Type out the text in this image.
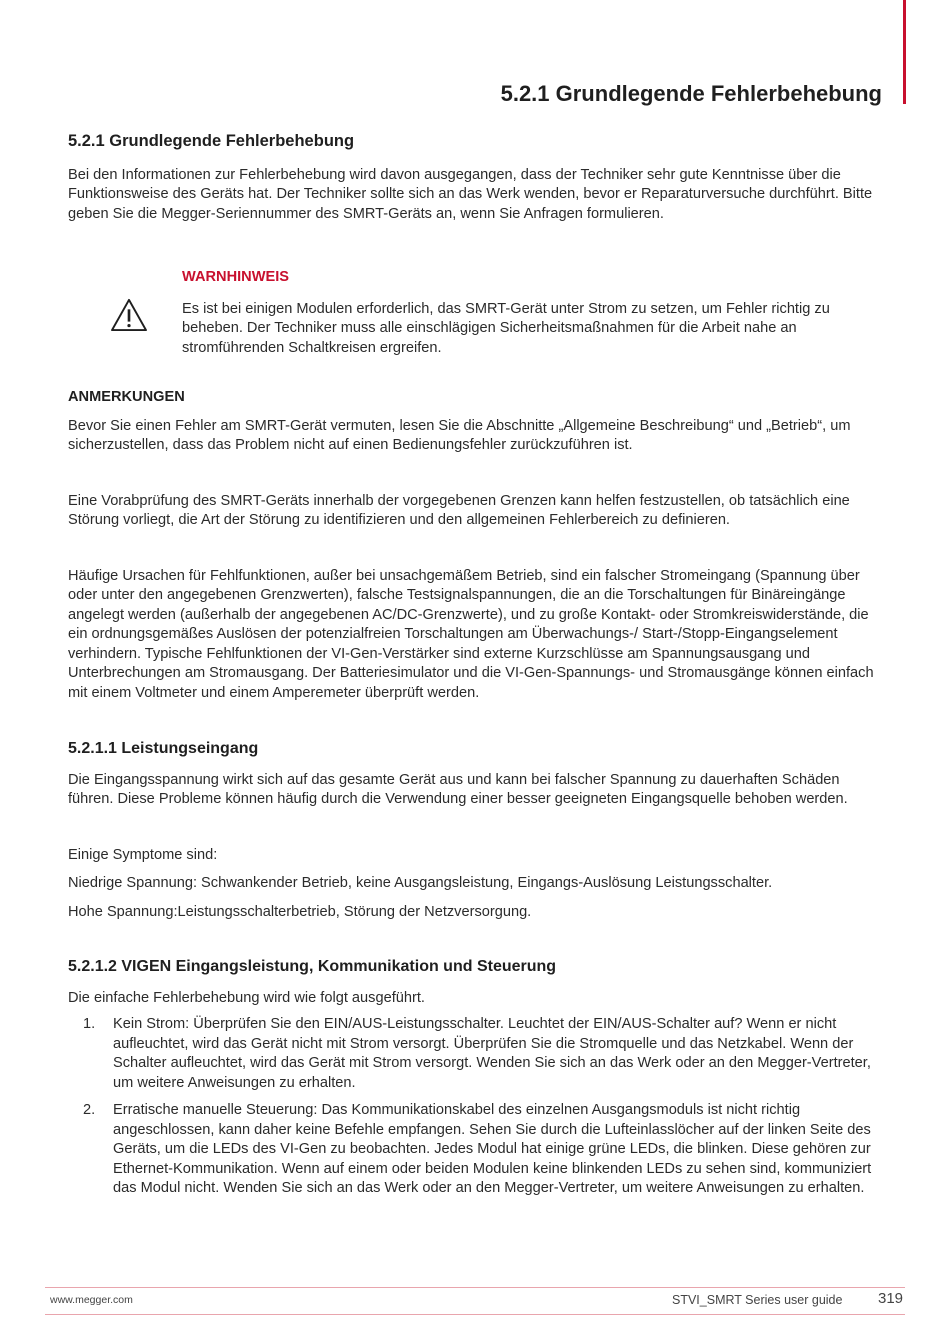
5.2.1 Grundlegende Fehlerbehebung
5.2.1 Grundlegende Fehlerbehebung

Bei den Informationen zur Fehlerbehebung wird davon ausgegangen, dass der Techniker sehr gute Kenntnisse über die Funktionsweise des Geräts hat. Der Techniker sollte sich an das Werk wenden, bevor er Reparaturversuche durchführt. Bitte geben Sie die Megger-Seriennummer des SMRT-Geräts an, wenn Sie Anfragen formulieren.

WARNHINWEIS

Es ist bei einigen Modulen erforderlich, das SMRT-Gerät unter Strom zu setzen, um Fehler richtig zu beheben. Der Techniker muss alle einschlägigen Sicherheitsmaßnahmen für die Arbeit nahe an stromführenden Schaltkreisen ergreifen.

ANMERKUNGEN

Bevor Sie einen Fehler am SMRT-Gerät vermuten, lesen Sie die Abschnitte „Allgemeine Beschreibung“ und „Betrieb“, um sicherzustellen, dass das Problem nicht auf einen Bedienungsfehler zurückzuführen ist.

Eine Vorabprüfung des SMRT-Geräts innerhalb der vorgegebenen Grenzen kann helfen festzustellen, ob tatsächlich eine Störung vorliegt, die Art der Störung zu identifizieren und den allgemeinen Fehlerbereich zu definieren.

Häufige Ursachen für Fehlfunktionen, außer bei unsachgemäßem Betrieb, sind ein falscher Stromeingang (Spannung über oder unter den angegebenen Grenzwerten), falsche Testsignalspannungen, die an die Torschaltungen für Binäreingänge angelegt werden (außerhalb der angegebenen AC/DC-Grenzwerte), und zu große Kontakt- oder Stromkreiswiderstände, die ein ordnungsgemäßes Auslösen der potenzialfreien Torschaltungen am Überwachungs-/ Start-/Stopp-Eingangselement verhindern. Typische Fehlfunktionen der VI-Gen-Verstärker sind externe Kurzschlüsse am Spannungsausgang und Unterbrechungen am Stromausgang. Der Batteriesimulator und die VI-Gen-Spannungs- und Stromausgänge können einfach mit einem Voltmeter und einem Amperemeter überprüft werden.

5.2.1.1 Leistungseingang

Die Eingangsspannung wirkt sich auf das gesamte Gerät aus und kann bei falscher Spannung zu dauerhaften Schäden führen. Diese Probleme können häufig durch die Verwendung einer besser geeigneten Eingangsquelle behoben werden.

Einige Symptome sind:

Niedrige Spannung: Schwankender Betrieb, keine Ausgangsleistung, Eingangs-Auslösung Leistungsschalter.

Hohe Spannung:Leistungsschalterbetrieb, Störung der Netzversorgung.

5.2.1.2 VIGEN Eingangsleistung, Kommunikation und Steuerung

Die einfache Fehlerbehebung wird wie folgt ausgeführt.

1. Kein Strom: Überprüfen Sie den EIN/AUS-Leistungsschalter. Leuchtet der EIN/AUS-Schalter auf? Wenn er nicht aufleuchtet, wird das Gerät nicht mit Strom versorgt. Überprüfen Sie die Stromquelle und das Netzkabel. Wenn der Schalter aufleuchtet, wird das Gerät mit Strom versorgt. Wenden Sie sich an das Werk oder an den Megger-Vertreter, um weitere Anweisungen zu erhalten.
2. Erratische manuelle Steuerung: Das Kommunikationskabel des einzelnen Ausgangsmoduls ist nicht richtig angeschlossen, kann daher keine Befehle empfangen. Sehen Sie durch die Lufteinlasslöcher auf der linken Seite des Geräts, um die LEDs des VI-Gen zu beobachten. Jedes Modul hat einige grüne LEDs, die blinken. Diese gehören zur Ethernet-Kommunikation. Wenn auf einem oder beiden Modulen keine blinkenden LEDs zu sehen sind, kommuniziert das Modul nicht. Wenden Sie sich an das Werk oder an den Megger-Vertreter, um weitere Anweisungen zu erhalten.
www.megger.com	STVI_SMRT Series user guide 319
